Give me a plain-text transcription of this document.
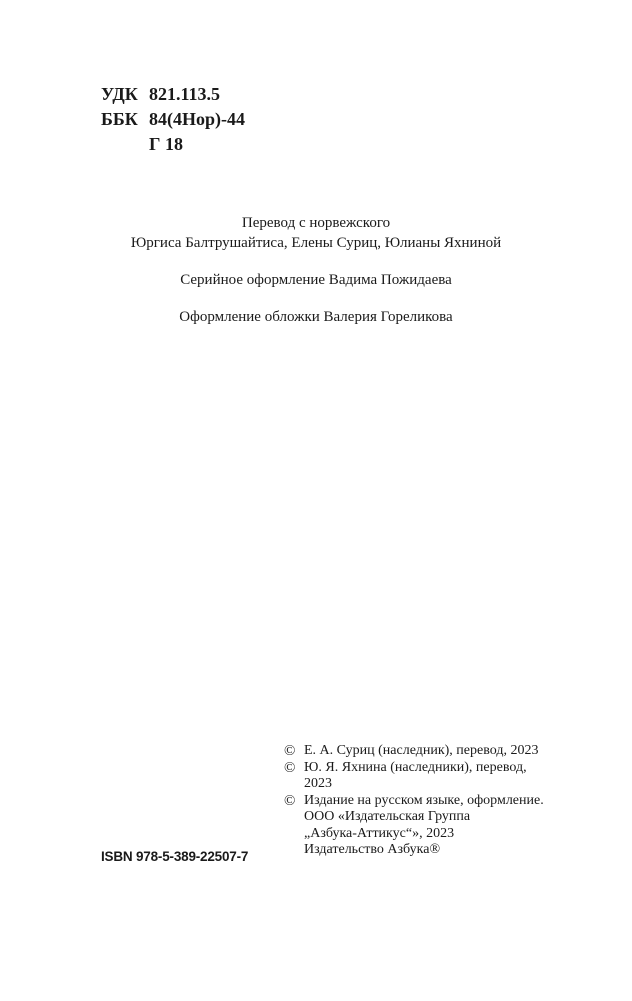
УДК 821.113.5
ББК 84(4Нор)-44
Г 18

Перевод с норвежского

Юргиса Балтрушайтиса, Елены Суриц, Юлианы Яхниной

Серийное оформление Вадима Пожидаева

Оформление обложки Валерия Гореликова

© Е. А. Суриц (наследник), перевод, 2023
© Ю. Я. Яхнина (наследники), перевод,
2023
© Издание на русском языке, оформление.
ООО «Издательская Группа
„Азбука-Аттикус“», 2023
Издательство Азбука®
ISBN 978-5-389-22507-7
